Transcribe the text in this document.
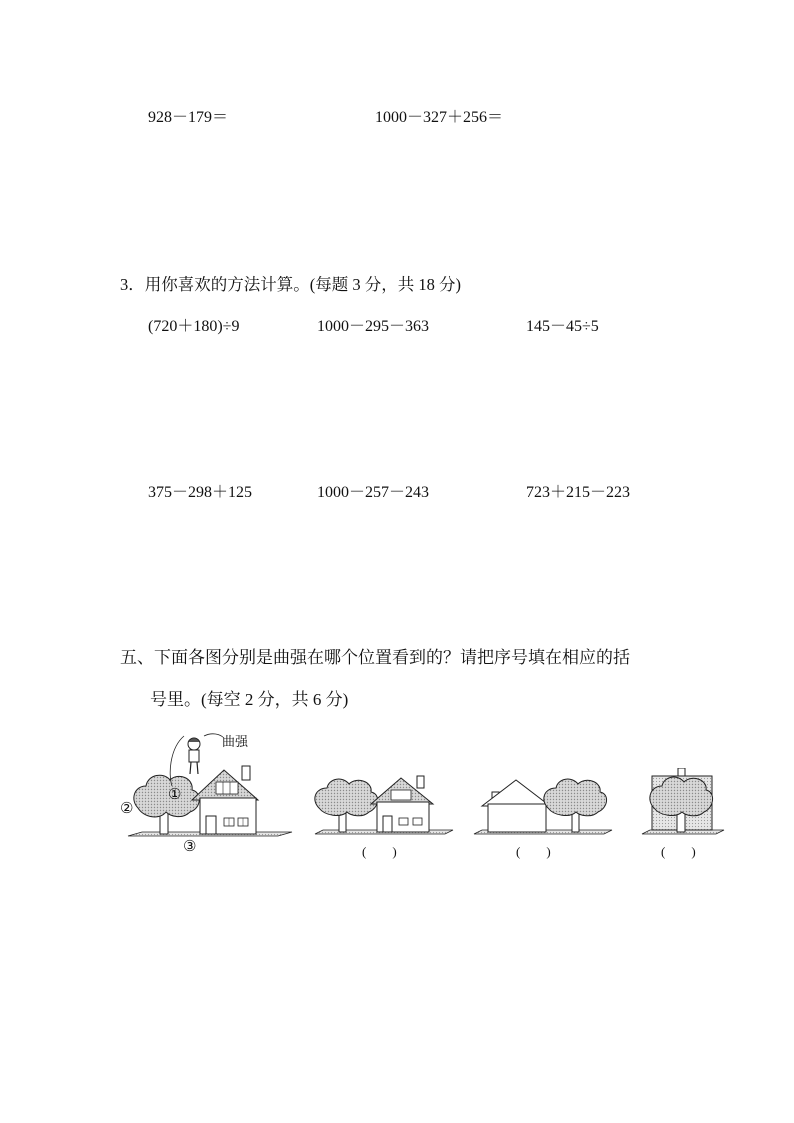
928－179＝	1000－327＋256＝
3．用你喜欢的方法计算。(每题 3 分，共 18 分)
(720＋180)÷9	1000－295－363	145－45÷5
375－298＋125	1000－257－243	723＋215－223
五、下面各图分别是曲强在哪个位置看到的？请把序号填在相应的括
号里。(每空 2 分，共 6 分)
曲强
①
②
③	(　　)	(　　)	(　　)
